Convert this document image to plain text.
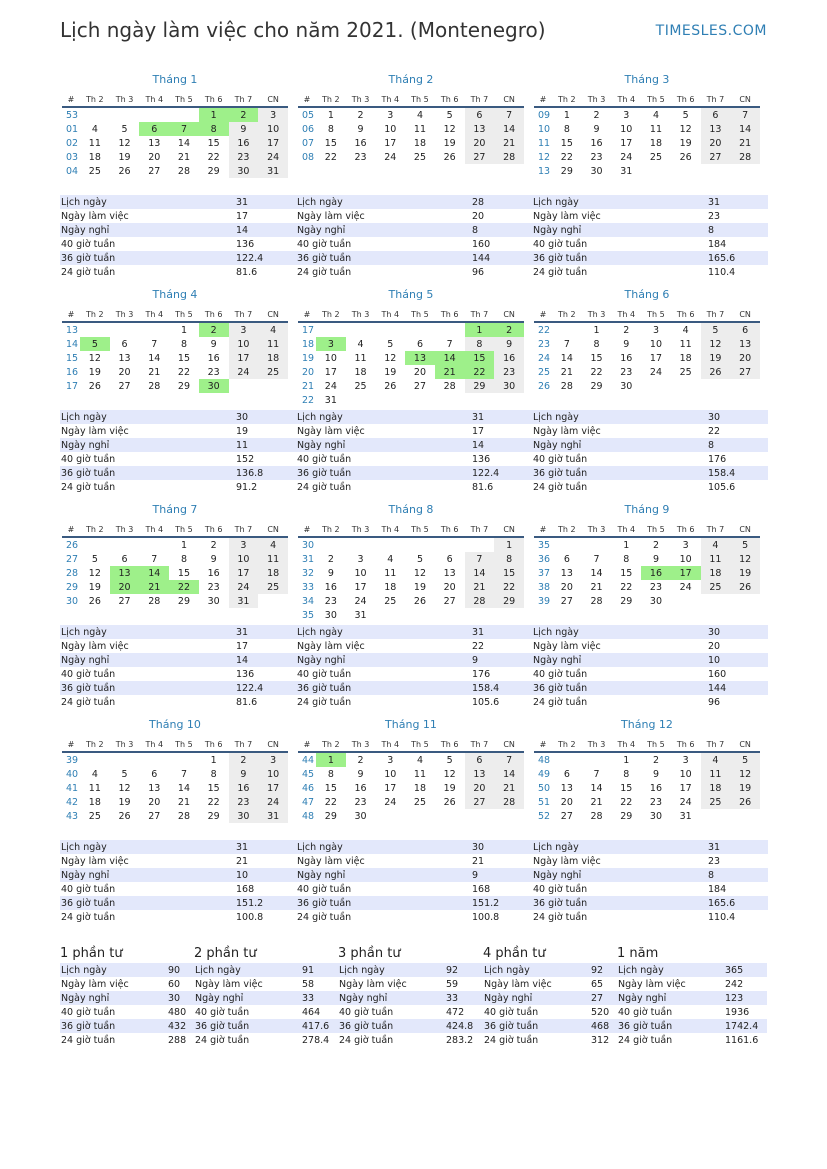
Lịch ngày làm việc cho năm 2021. (Montenegro)	TIMESLES.COM
Tháng 1
#	Th 2	Th 3	Th 4	Th 5	Th 6	Th 7	CN
53					1	2	3
01	4	5	6	7	8	9	10
02	11	12	13	14	15	16	17
03	18	19	20	21	22	23	24
04	25	26	27	28	29	30	31
Lịch ngày	31
Ngày làm việc	17
Ngày nghỉ	14
40 giờ tuần	136
36 giờ tuần	122.4
24 giờ tuần	81.6
Tháng 2
#	Th 2	Th 3	Th 4	Th 5	Th 6	Th 7	CN
05	1	2	3	4	5	6	7
06	8	9	10	11	12	13	14
07	15	16	17	18	19	20	21
08	22	23	24	25	26	27	28
Lịch ngày	28
Ngày làm việc	20
Ngày nghỉ	8
40 giờ tuần	160
36 giờ tuần	144
24 giờ tuần	96
Tháng 3
#	Th 2	Th 3	Th 4	Th 5	Th 6	Th 7	CN
09	1	2	3	4	5	6	7
10	8	9	10	11	12	13	14
11	15	16	17	18	19	20	21
12	22	23	24	25	26	27	28
13	29	30	31				
Lịch ngày	31
Ngày làm việc	23
Ngày nghỉ	8
40 giờ tuần	184
36 giờ tuần	165.6
24 giờ tuần	110.4
Tháng 4
#	Th 2	Th 3	Th 4	Th 5	Th 6	Th 7	CN
13				1	2	3	4
14	5	6	7	8	9	10	11
15	12	13	14	15	16	17	18
16	19	20	21	22	23	24	25
17	26	27	28	29	30		
Lịch ngày	30
Ngày làm việc	19
Ngày nghỉ	11
40 giờ tuần	152
36 giờ tuần	136.8
24 giờ tuần	91.2
Tháng 5
#	Th 2	Th 3	Th 4	Th 5	Th 6	Th 7	CN
17						1	2
18	3	4	5	6	7	8	9
19	10	11	12	13	14	15	16
20	17	18	19	20	21	22	23
21	24	25	26	27	28	29	30
22	31						
Lịch ngày	31
Ngày làm việc	17
Ngày nghỉ	14
40 giờ tuần	136
36 giờ tuần	122.4
24 giờ tuần	81.6
Tháng 6
#	Th 2	Th 3	Th 4	Th 5	Th 6	Th 7	CN
22		1	2	3	4	5	6
23	7	8	9	10	11	12	13
24	14	15	16	17	18	19	20
25	21	22	23	24	25	26	27
26	28	29	30				
Lịch ngày	30
Ngày làm việc	22
Ngày nghỉ	8
40 giờ tuần	176
36 giờ tuần	158.4
24 giờ tuần	105.6
Tháng 7
#	Th 2	Th 3	Th 4	Th 5	Th 6	Th 7	CN
26				1	2	3	4
27	5	6	7	8	9	10	11
28	12	13	14	15	16	17	18
29	19	20	21	22	23	24	25
30	26	27	28	29	30	31	
Lịch ngày	31
Ngày làm việc	17
Ngày nghỉ	14
40 giờ tuần	136
36 giờ tuần	122.4
24 giờ tuần	81.6
Tháng 8
#	Th 2	Th 3	Th 4	Th 5	Th 6	Th 7	CN
30							1
31	2	3	4	5	6	7	8
32	9	10	11	12	13	14	15
33	16	17	18	19	20	21	22
34	23	24	25	26	27	28	29
35	30	31					
Lịch ngày	31
Ngày làm việc	22
Ngày nghỉ	9
40 giờ tuần	176
36 giờ tuần	158.4
24 giờ tuần	105.6
Tháng 9
#	Th 2	Th 3	Th 4	Th 5	Th 6	Th 7	CN
35			1	2	3	4	5
36	6	7	8	9	10	11	12
37	13	14	15	16	17	18	19
38	20	21	22	23	24	25	26
39	27	28	29	30			
Lịch ngày	30
Ngày làm việc	20
Ngày nghỉ	10
40 giờ tuần	160
36 giờ tuần	144
24 giờ tuần	96
Tháng 10
#	Th 2	Th 3	Th 4	Th 5	Th 6	Th 7	CN
39					1	2	3
40	4	5	6	7	8	9	10
41	11	12	13	14	15	16	17
42	18	19	20	21	22	23	24
43	25	26	27	28	29	30	31
Lịch ngày	31
Ngày làm việc	21
Ngày nghỉ	10
40 giờ tuần	168
36 giờ tuần	151.2
24 giờ tuần	100.8
Tháng 11
#	Th 2	Th 3	Th 4	Th 5	Th 6	Th 7	CN
44	1	2	3	4	5	6	7
45	8	9	10	11	12	13	14
46	15	16	17	18	19	20	21
47	22	23	24	25	26	27	28
48	29	30					
Lịch ngày	30
Ngày làm việc	21
Ngày nghỉ	9
40 giờ tuần	168
36 giờ tuần	151.2
24 giờ tuần	100.8
Tháng 12
#	Th 2	Th 3	Th 4	Th 5	Th 6	Th 7	CN
48			1	2	3	4	5
49	6	7	8	9	10	11	12
50	13	14	15	16	17	18	19
51	20	21	22	23	24	25	26
52	27	28	29	30	31		
Lịch ngày	31
Ngày làm việc	23
Ngày nghỉ	8
40 giờ tuần	184
36 giờ tuần	165.6
24 giờ tuần	110.4
1 phần tư
Lịch ngày	90
Ngày làm việc	60
Ngày nghỉ	30
40 giờ tuần	480
36 giờ tuần	432
24 giờ tuần	288
2 phần tư
Lịch ngày	91
Ngày làm việc	58
Ngày nghỉ	33
40 giờ tuần	464
36 giờ tuần	417.6
24 giờ tuần	278.4
3 phần tư
Lịch ngày	92
Ngày làm việc	59
Ngày nghỉ	33
40 giờ tuần	472
36 giờ tuần	424.8
24 giờ tuần	283.2
4 phần tư
Lịch ngày	92
Ngày làm việc	65
Ngày nghỉ	27
40 giờ tuần	520
36 giờ tuần	468
24 giờ tuần	312
1 năm
Lịch ngày	365
Ngày làm việc	242
Ngày nghỉ	123
40 giờ tuần	1936
36 giờ tuần	1742.4
24 giờ tuần	1161.6
